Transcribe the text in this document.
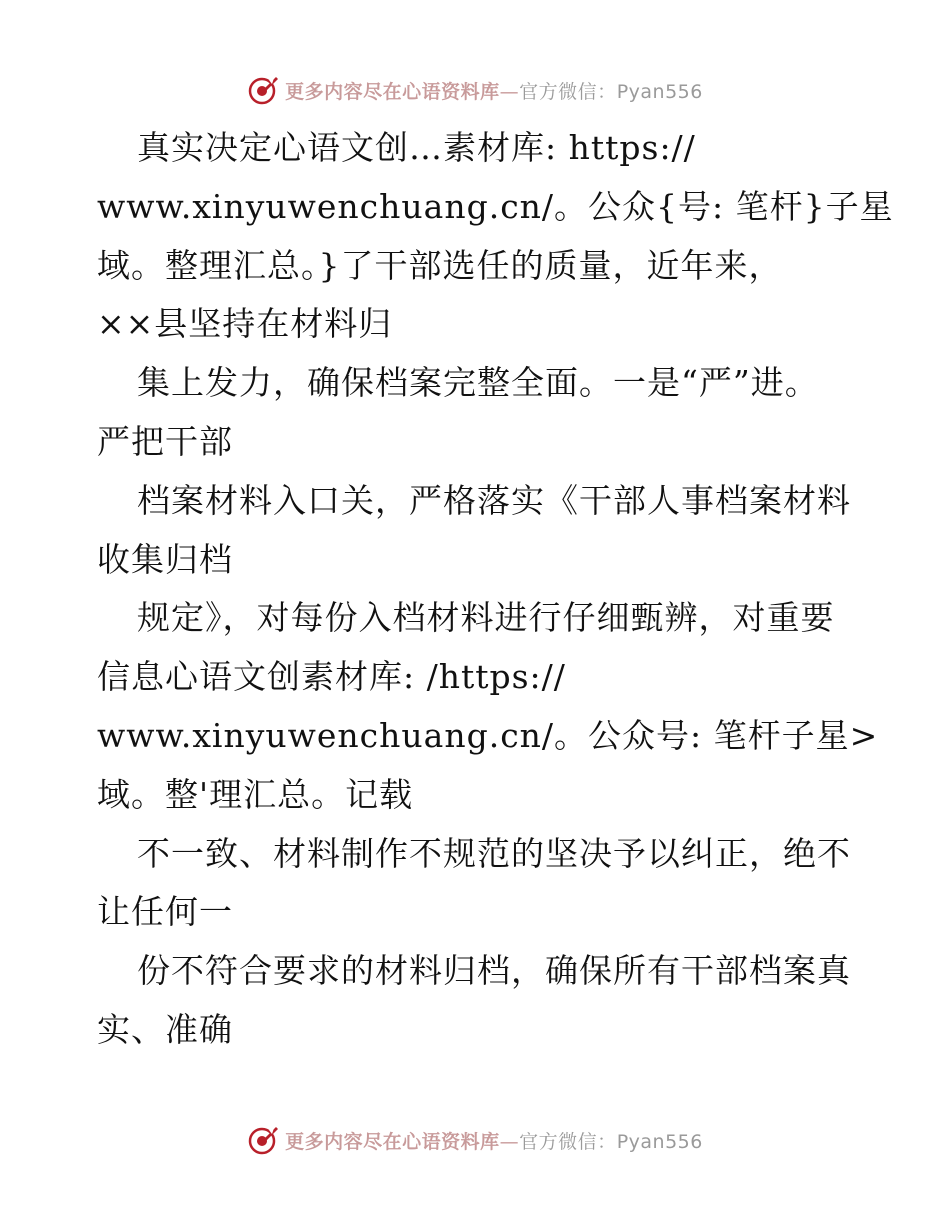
更多内容尽在心语资料库—官方微信：Pyan556
真实决定心语文创…素材库: https://
www.xinyuwenchuang.cn/。公众{号: 笔杆}子星
域。整理汇总。}了干部选任的质量，近年来，
××县坚持在材料归
集上发力，确保档案完整全面。一是“严”进。
严把干部
档案材料入口关，严格落实《干部人事档案材料
收集归档
规定》，对每份入档材料进行仔细甄辨，对重要
信息心语文创素材库: /https://
www.xinyuwenchuang.cn/。公众号: 笔杆子星>
域。整'理汇总。记载
不一致、材料制作不规范的坚决予以纠正，绝不
让任何一
份不符合要求的材料归档，确保所有干部档案真
实、准确
更多内容尽在心语资料库—官方微信：Pyan556
